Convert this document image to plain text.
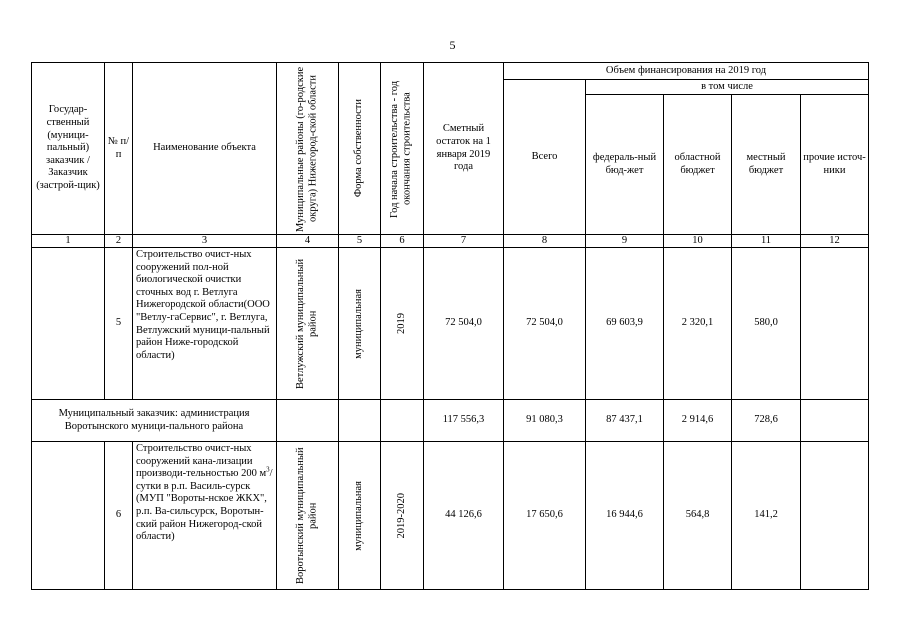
5
Государ-ственный (муници-пальный) заказчик / Заказчик (застрой-щик)	№ п/п	Наименование объекта	Муниципальные районы (го-родские округа) Нижегород-ской области	Форма собственности	Год начала строительства - год окончания строительства	Сметный остаток на 1 января 2019 года	Объем финансирования на 2019 год				
							Всего	в том числе			
								федераль-ный бюд-жет	областной бюджет	местный бюджет	прочие источ-ники
1	2	3	4	5	6	7	8	9	10	11	12
	5	Строительство очист-ных сооружений пол-ной биологической очистки сточных вод г. Ветлуга Нижегородской области(ООО "Ветлу-гаСервис", г. Ветлуга, Ветлужский муници-пальный район Ниже-городской области)	Ветлужский муниципальный район	муниципальная	2019	72 504,0	72 504,0	69 603,9	2 320,1	580,0	
Муниципальный заказчик: администрация Воротынского муници-пального района						117 556,3	91 080,3	87 437,1	2 914,6	728,6	
	6	Строительство очист-ных сооружений кана-лизации производи-тельностью 200 $м^3$/сутки в р.п. Василь-сурск (МУП "Вороты-нское ЖКХ", р.п. Ва-сильсурск, Воротын-ский район Нижегород-ской области)	Воротынский муниципальный район	муниципальная	2019-2020	44 126,6	17 650,6	16 944,6	564,8	141,2	
